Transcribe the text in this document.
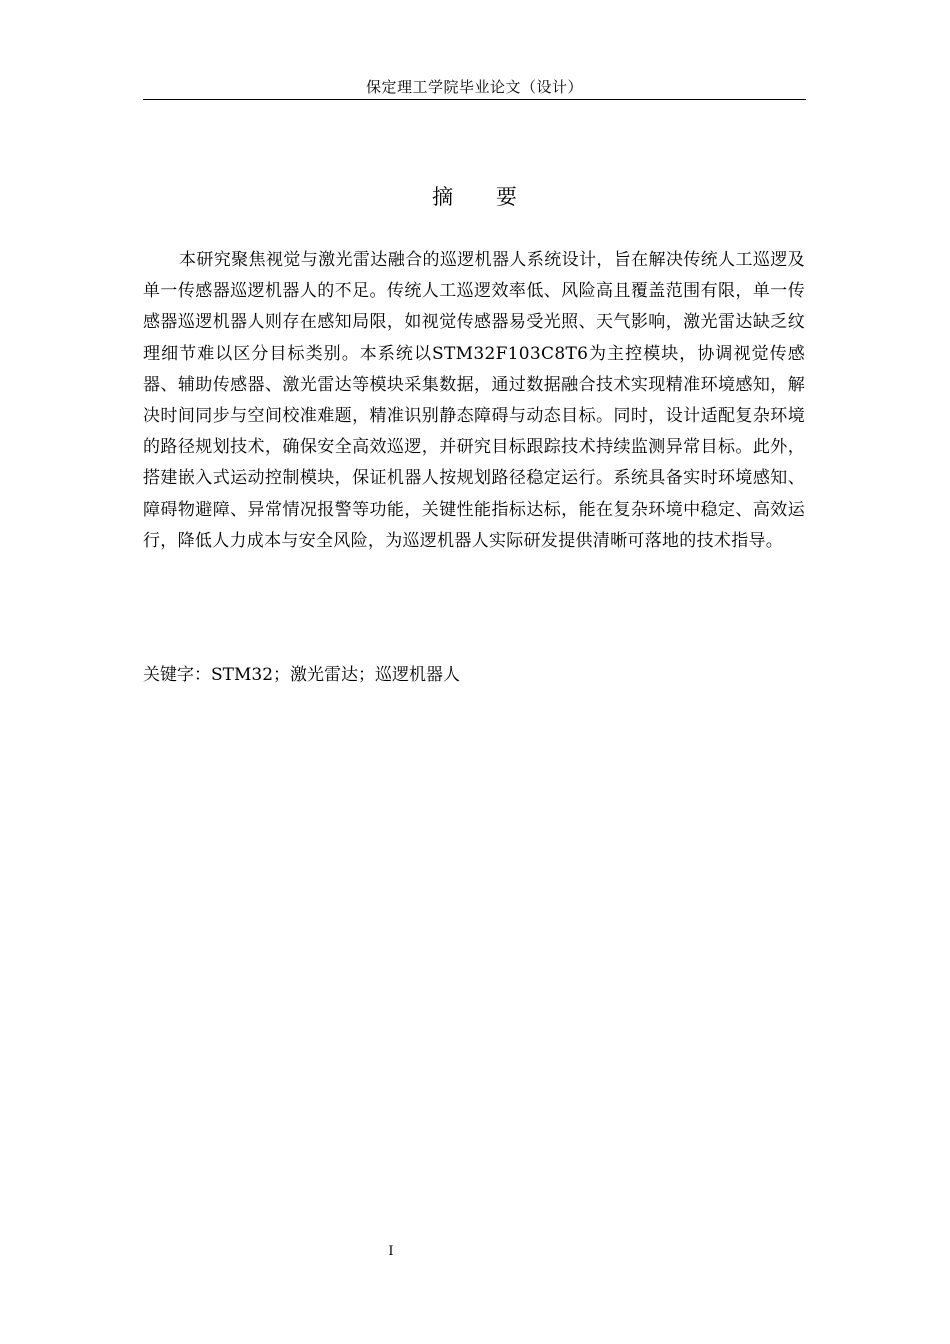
保定理工学院毕业论文（设计）
摘 要

本研究聚焦视觉与激光雷达融合的巡逻机器人系统设计，旨在解决传统人工巡逻及单一传感器巡逻机器人的不足。传统人工巡逻效率低、风险高且覆盖范围有限，单一传感器巡逻机器人则存在感知局限，如视觉传感器易受光照、天气影响，激光雷达缺乏纹理细节难以区分目标类别。本系统以STM32F103C8T6为主控模块，协调视觉传感器、辅助传感器、激光雷达等模块采集数据，通过数据融合技术实现精准环境感知，解决时间同步与空间校准难题，精准识别静态障碍与动态目标。同时，设计适配复杂环境的路径规划技术，确保安全高效巡逻，并研究目标跟踪技术持续监测异常目标。此外，搭建嵌入式运动控制模块，保证机器人按规划路径稳定运行。系统具备实时环境感知、障碍物避障、异常情况报警等功能，关键性能指标达标，能在复杂环境中稳定、高效运行，降低人力成本与安全风险，为巡逻机器人实际研发提供清晰可落地的技术指导。

关键字：STM32；激光雷达；巡逻机器人

I
